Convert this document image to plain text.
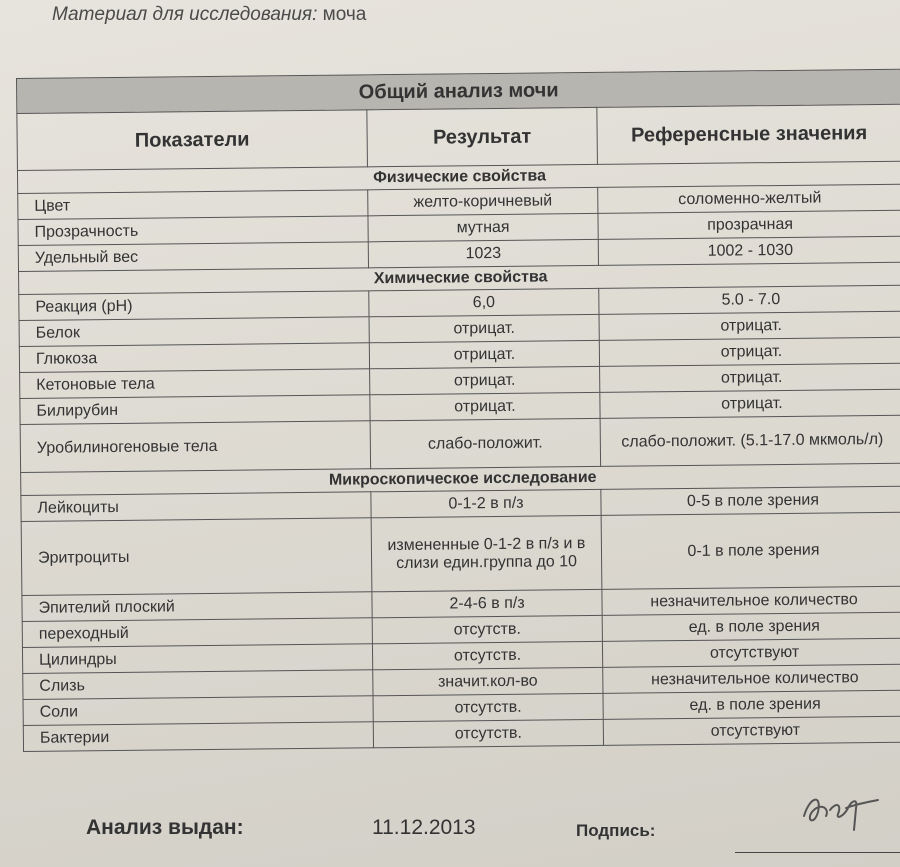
Материал для исследования: моча
Общий анализ мочи		
Показатели	Результат	Референсные значения
Физические свойства		
Цвет	желто-коричневый	соломенно-желтый
Прозрачность	мутная	прозрачная
Удельный вес	1023	1002 - 1030
Химические свойства		
Реакция (рН)	6,0	5.0 - 7.0
Белок	отрицат.	отрицат.
Глюкоза	отрицат.	отрицат.
Кетоновые тела	отрицат.	отрицат.
Билирубин	отрицат.	отрицат.
Уробилиногеновые тела	слабо-положит.	слабо-положит. (5.1-17.0 мкмоль/л)
Микроскопическое исследование		
Лейкоциты	0-1-2 в п/з	0-5 в поле зрения
Эритроциты	измененные 0-1-2 в п/з и в слизи един.группа до 10	0-1 в поле зрения
Эпителий плоский	2-4-6 в п/з	незначительное количество
переходный	отсутств.	ед. в поле зрения
Цилиндры	отсутств.	отсутствуют
Слизь	значит.кол-во	незначительное количество
Соли	отсутств.	ед. в поле зрения
Бактерии	отсутств.	отсутствуют
Анализ выдан:	11.12.2013	Подпись:
